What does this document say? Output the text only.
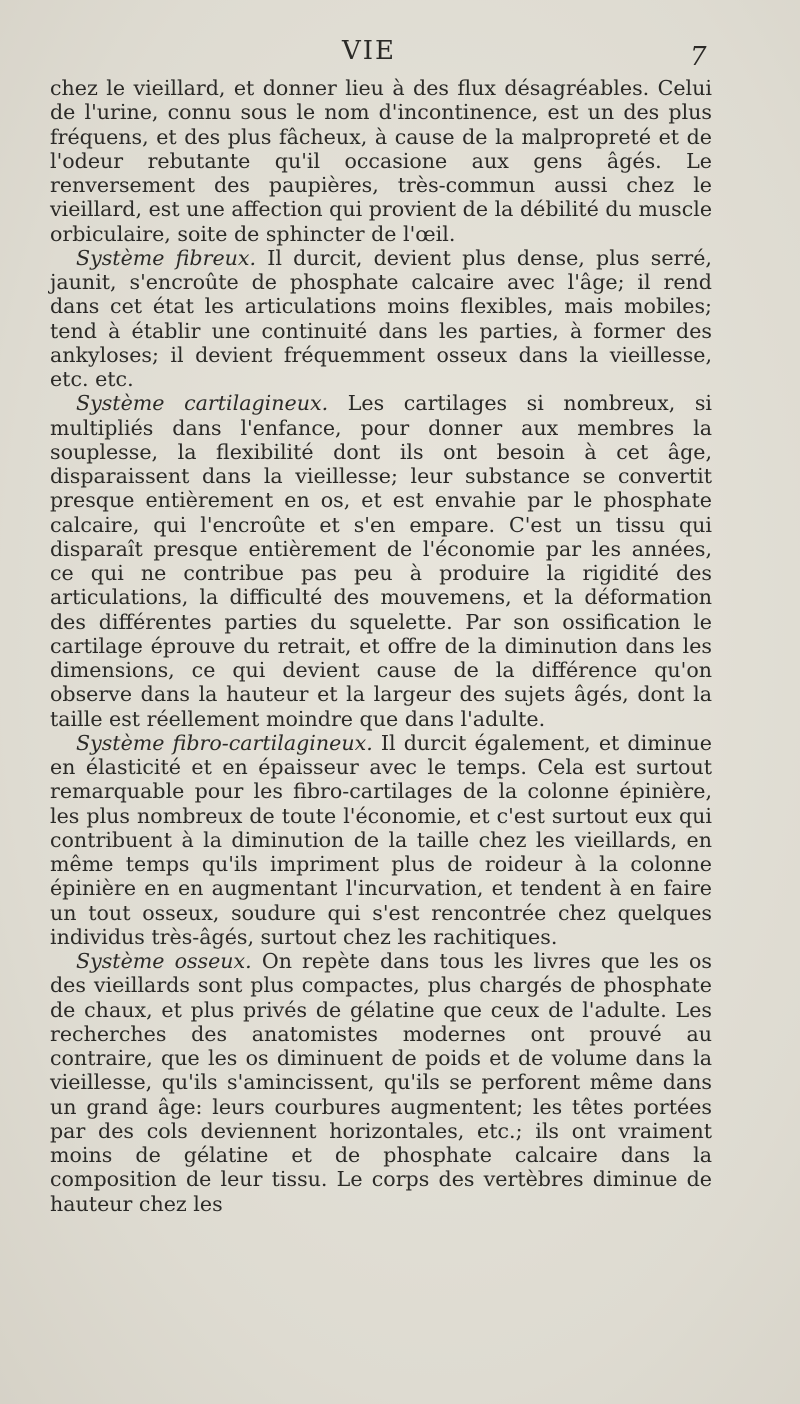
VIE	7

chez le vieillard, et donner lieu à des flux désagréables. Celui de l'urine, connu sous le nom d'incontinence, est un des plus fréquens, et des plus fâcheux, à cause de la malpropreté et de l'odeur rebutante qu'il occasione aux gens âgés. Le renversement des paupières, très-commun aussi chez le vieillard, est une affection qui provient de la débilité du muscle orbiculaire, soite de sphincter de l'œil.

Système fibreux. Il durcit, devient plus dense, plus serré, jaunit, s'encroûte de phosphate calcaire avec l'âge; il rend dans cet état les articulations moins flexibles, mais mobiles; tend à établir une continuité dans les parties, à former des ankyloses; il devient fréquemment osseux dans la vieillesse, etc. etc.

Système cartilagineux. Les cartilages si nombreux, si multipliés dans l'enfance, pour donner aux membres la souplesse, la flexibilité dont ils ont besoin à cet âge, disparaissent dans la vieillesse; leur substance se convertit presque entièrement en os, et est envahie par le phosphate calcaire, qui l'encroûte et s'en empare. C'est un tissu qui disparaît presque entièrement de l'économie par les années, ce qui ne contribue pas peu à produire la rigidité des articulations, la difficulté des mouvemens, et la déformation des différentes parties du squelette. Par son ossification le cartilage éprouve du retrait, et offre de la diminution dans les dimensions, ce qui devient cause de la différence qu'on observe dans la hauteur et la largeur des sujets âgés, dont la taille est réellement moindre que dans l'adulte.

Système fibro-cartilagineux. Il durcit également, et diminue en élasticité et en épaisseur avec le temps. Cela est surtout remarquable pour les fibro-cartilages de la colonne épinière, les plus nombreux de toute l'économie, et c'est surtout eux qui contribuent à la diminution de la taille chez les vieillards, en même temps qu'ils impriment plus de roideur à la colonne épinière en en augmentant l'incurvation, et tendent à en faire un tout osseux, soudure qui s'est rencontrée chez quelques individus très-âgés, surtout chez les rachitiques.

Système osseux. On repète dans tous les livres que les os des vieillards sont plus compactes, plus chargés de phosphate de chaux, et plus privés de gélatine que ceux de l'adulte. Les recherches des anatomistes modernes ont prouvé au contraire, que les os diminuent de poids et de volume dans la vieillesse, qu'ils s'amincissent, qu'ils se perforent même dans un grand âge: leurs courbures augmentent; les têtes portées par des cols deviennent horizontales, etc.; ils ont vraiment moins de gélatine et de phosphate calcaire dans la composition de leur tissu. Le corps des vertèbres diminue de hauteur chez les
